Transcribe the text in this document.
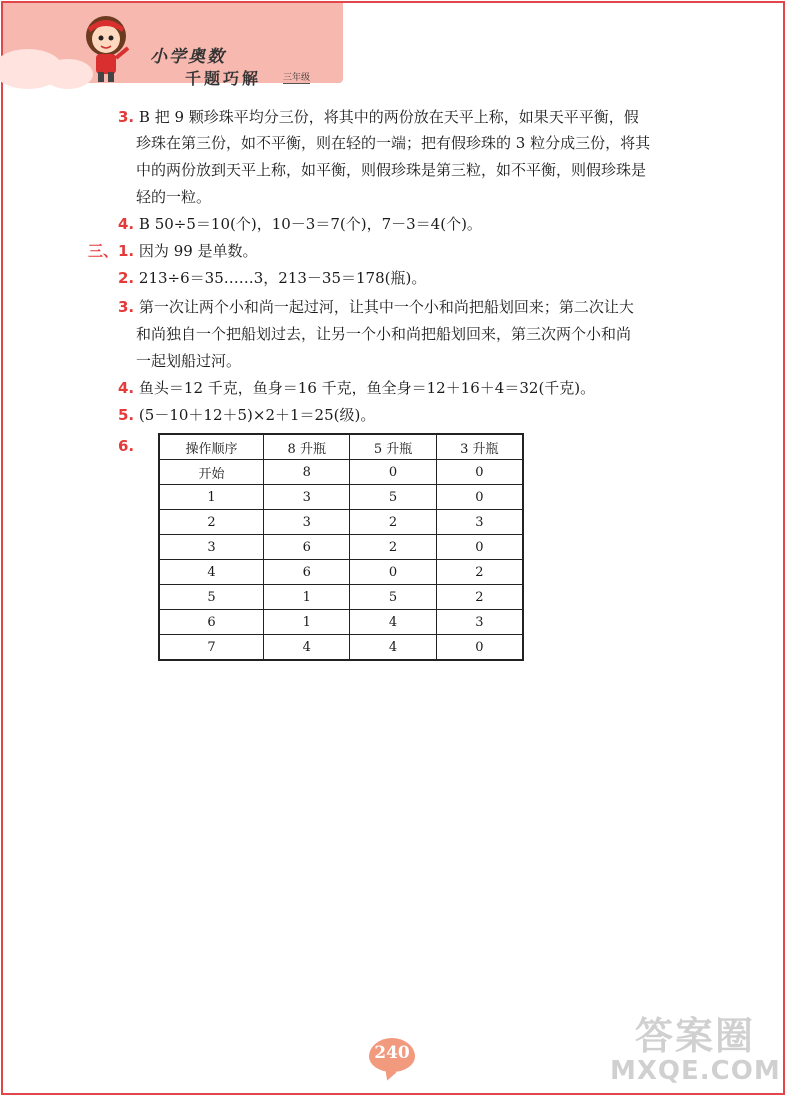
小学奥数
千题巧解 三年级
3. B 把 9 颗珍珠平均分三份，将其中的两份放在天平上称，如果天平平衡，假
珍珠在第三份，如不平衡，则在轻的一端；把有假珍珠的 3 粒分成三份，将其
中的两份放到天平上称，如平衡，则假珍珠是第三粒，如不平衡，则假珍珠是
轻的一粒。
4. B 50÷5＝10(个)，10－3＝7(个)，7－3＝4(个)。
三、1. 因为 99 是单数。
2. 213÷6＝35……3，213－35＝178(瓶)。
3. 第一次让两个小和尚一起过河，让其中一个小和尚把船划回来；第二次让大
和尚独自一个把船划过去，让另一个小和尚把船划回来，第三次两个小和尚
一起划船过河。
4. 鱼头＝12 千克，鱼身＝16 千克，鱼全身＝12＋16＋4＝32(千克)。
5. (5－10＋12＋5)×2＋1＝25(级)。
6.	操作顺序	8 升瓶	5 升瓶	3 升瓶
开始	8	0	0
1	3	5	0
2	3	2	3
3	6	2	0
4	6	0	2
5	1	5	2
6	1	4	3
7	4	4	0
240	答案圈
MXQE.COM
